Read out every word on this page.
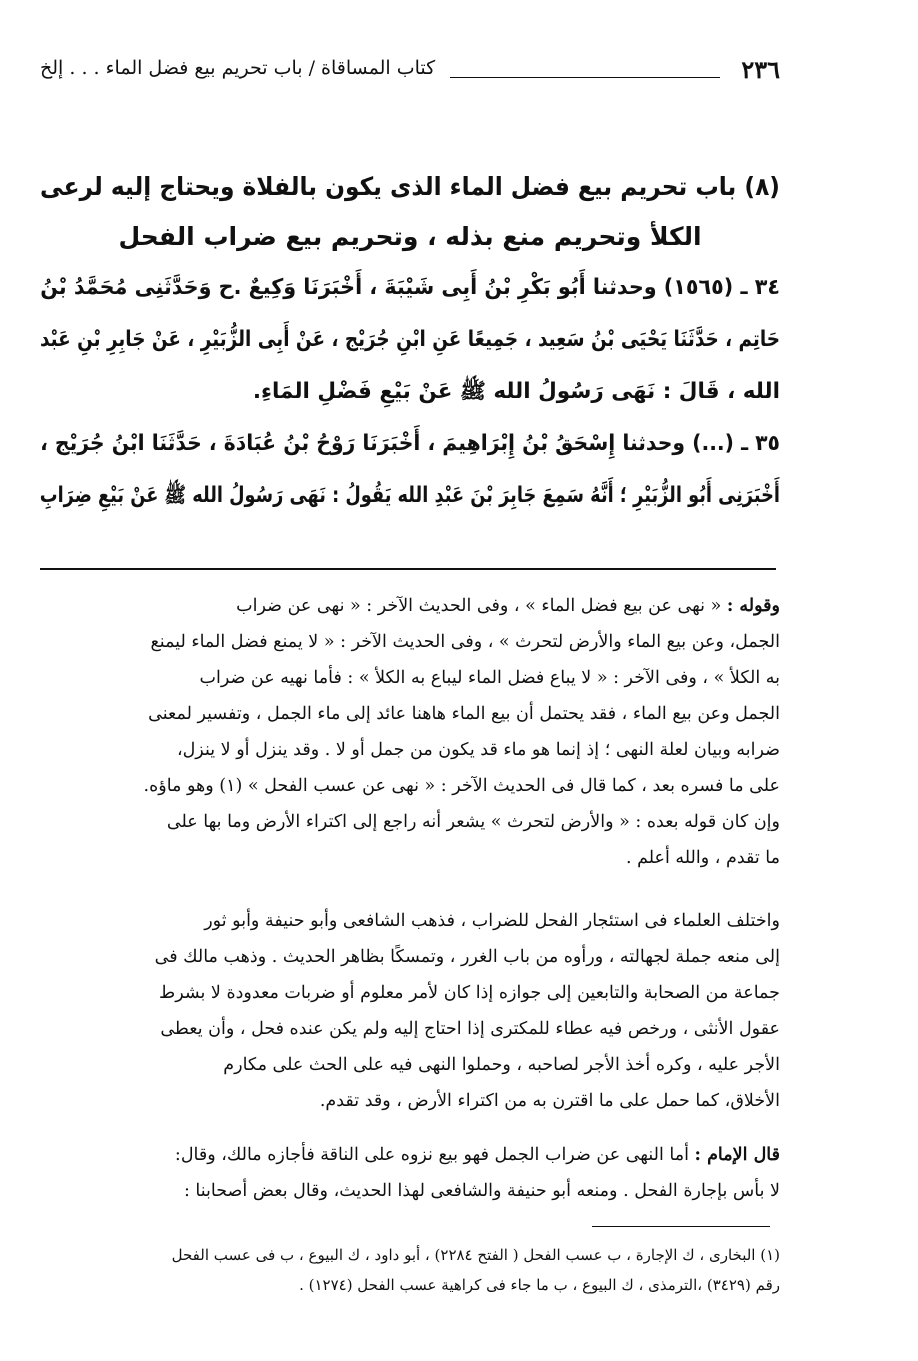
٢٣٦
كتاب المساقاة / باب تحريم بيع فضل الماء . . . إلخ
(٨) باب تحريم بيع فضل الماء الذى يكون بالفلاة ويحتاج إليه لرعى
الكلأ وتحريم منع بذله ، وتحريم بيع ضراب الفحل
٣٤ ـ (١٥٦٥) وحدثنا أَبُو بَكْرِ بْنُ أَبِى شَيْبَةَ ، أَخْبَرَنَا وَكِيعٌ .ح وَحَدَّثَنِى مُحَمَّدُ بْنُ
حَاتِم ، حَدَّثَنَا يَحْيَى بْنُ سَعِيد ، جَمِيعًا عَنِ ابْنِ جُرَيْج ، عَنْ أَبِى الزُّبَيْرِ ، عَنْ جَابِرِ بْنِ عَبْد
الله ، قَالَ : نَهَى رَسُولُ الله ﷺ عَنْ بَيْعِ فَضْلِ المَاءِ.
٣٥ ـ (...) وحدثنا إِسْحَقُ بْنُ إِبْرَاهِيمَ ، أَخْبَرَنَا رَوْحُ بْنُ عُبَادَةَ ، حَدَّثَنَا ابْنُ جُرَيْج ،
أَخْبَرَنِى أَبُو الزُّبَيْرِ ؛ أَنَّهُ سَمِعَ جَابِرَ بْنَ عَبْدِ الله يَقُولُ : نَهَى رَسُولُ الله ﷺ عَنْ بَيْعِ ضِرَابِ
وقوله : « نهى عن بيع فضل الماء » ، وفى الحديث الآخر : « نهى عن ضراب
الجمل، وعن بيع الماء والأرض لتحرث » ، وفى الحديث الآخر : « لا يمنع فضل الماء ليمنع
به الكلأ » ، وفى الآخر : « لا يباع فضل الماء ليباع به الكلأ » : فأما نهيه عن ضراب
الجمل وعن بيع الماء ، فقد يحتمل أن بيع الماء هاهنا عائد إلى ماء الجمل ، وتفسير لمعنى
ضرابه وبيان لعلة النهى ؛ إذ إنما هو ماء قد يكون من جمل أو لا . وقد ينزل أو لا ينزل،
على ما فسره بعد ، كما قال فى الحديث الآخر : « نهى عن عسب الفحل » (١) وهو ماؤه.
وإن كان قوله بعده : « والأرض لتحرث » يشعر أنه راجع إلى اكتراء الأرض وما بها على
ما تقدم ، والله أعلم .
واختلف العلماء فى استئجار الفحل للضراب ، فذهب الشافعى وأبو حنيفة وأبو ثور
إلى منعه جملة لجهالته ، ورأوه من باب الغرر ، وتمسكًا بظاهر الحديث . وذهب مالك فى
جماعة من الصحابة والتابعين إلى جوازه إذا كان لأمر معلوم أو ضربات معدودة لا بشرط
عقول الأنثى ، ورخص فيه عطاء للمكترى إذا احتاج إليه ولم يكن عنده فحل ، وأن يعطى
الأجر عليه ، وكره أخذ الأجر لصاحبه ، وحملوا النهى فيه على الحث على مكارم
الأخلاق، كما حمل على ما اقترن به من اكتراء الأرض ، وقد تقدم.
قال الإمام : أما النهى عن ضراب الجمل فهو بيع نزوه على الناقة فأجازه مالك، وقال:
لا بأس بإجارة الفحل . ومنعه أبو حنيفة والشافعى لهذا الحديث، وقال بعض أصحابنا :
(١) البخارى ، ك الإجارة ، ب عسب الفحل ( الفتح ٢٢٨٤) ، أبو داود ، ك البيوع ، ب فى عسب الفحل
رقم (٣٤٢٩) ،الترمذى ، ك البيوع ، ب ما جاء فى كراهية عسب الفحل (١٢٧٤) .
